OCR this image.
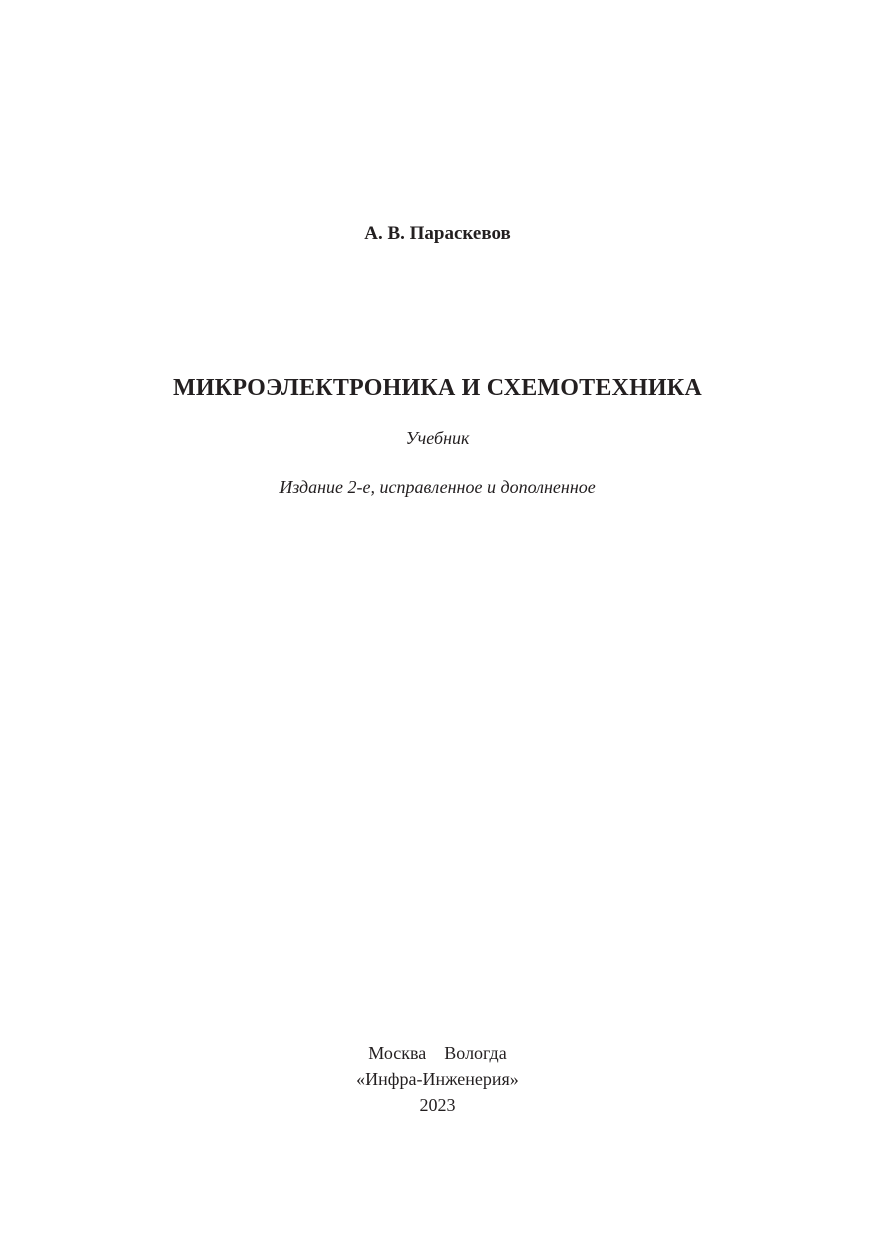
А. В. Параскевов
МИКРОЭЛЕКТРОНИКА И СХЕМОТЕХНИКА
Учебник
Издание 2-е, исправленное и дополненное
Москва Вологда
«Инфра-Инженерия»
2023
